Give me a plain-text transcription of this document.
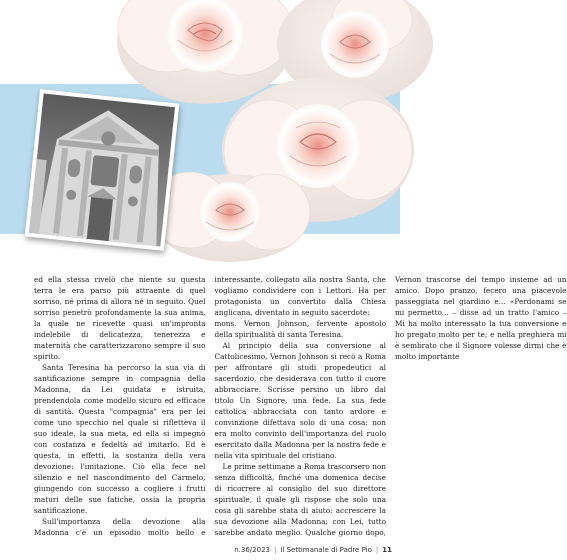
ed ella stessa rivelò che niente su questa terra le era parso più attraente di quel sorriso, né prima di allora né in seguito. Quel sorriso penetrò profondamente la sua anima, la quale ne ricevette quasi un'impronta indelebile di delicatezza, tenerezza e maternità che caratterizzarono sempre il suo spirito.

Santa Teresina ha percorso la sua via di santificazione sempre in compagnia della Madonna, da Lei guidata e istruita, prendendola come modello sicuro ed efficace di santità. Questa "compagnia" era per lei come uno specchio nel quale si rifletteva il suo ideale, la sua meta, ed ella si impegnò con costanza e fedeltà ad imitarlo. Ed è questa, in effetti, la sostanza della vera devozione: l'imitazione. Ciò ella fece nel silenzio e nel nascondimento del Carmelo, giungendo con successo a cogliere i frutti maturi delle sue fatiche, ossia la propria santificazione.

Sull'importanza della devozione alla Madonna c'è un episodio molto bello e interessante, collegato alla nostra Santa, che vogliamo condividere con i Lettori. Ha per protagonista un convertito dalla Chiesa anglicana, diventato in seguito sacerdote:

mons. Vernon Johnson, fervente apostolo della spiritualità di santa Teresina.

Al principio della sua conversione al Cattolicesimo, Vernon Johnson si recò a Roma per affrontare gli studi propedeutici al sacerdozio, che desiderava con tutto il cuore abbracciare. Scrisse persino un libro dal titolo Un Signore, una fede. La sua fede cattolica abbracciata con tanto ardore e convinzione difettava solo di una cosa: non era molto convinto dell'importanza del ruolo esercitato dalla Madonna per la nostra fede e nella vita spirituale del cristiano.

Le prime settimane a Roma trascorsero non senza difficoltà, finché una domenica decise di ricorrere al consiglio del suo direttore spirituale, il quale gli rispose che solo una cosa gli sarebbe stata di aiuto: accrescere la sua devozione alla Madonna; con Lei, tutto sarebbe andato meglio. Qualche giorno dopo, Vernon trascorse del tempo insieme ad un amico. Dopo pranzo, fecero una piacevole passeggiata nel giardino e... «Perdonami se mi permetto... – disse ad un tratto l'amico – Mi ha molto interessato la tua conversione e ho pregato molto per te; e nella preghiera mi è sembrato che il Signore volesse dirmi che è molto importante

n.36/2023 | Il Settimanale di Padre Pio | 11
